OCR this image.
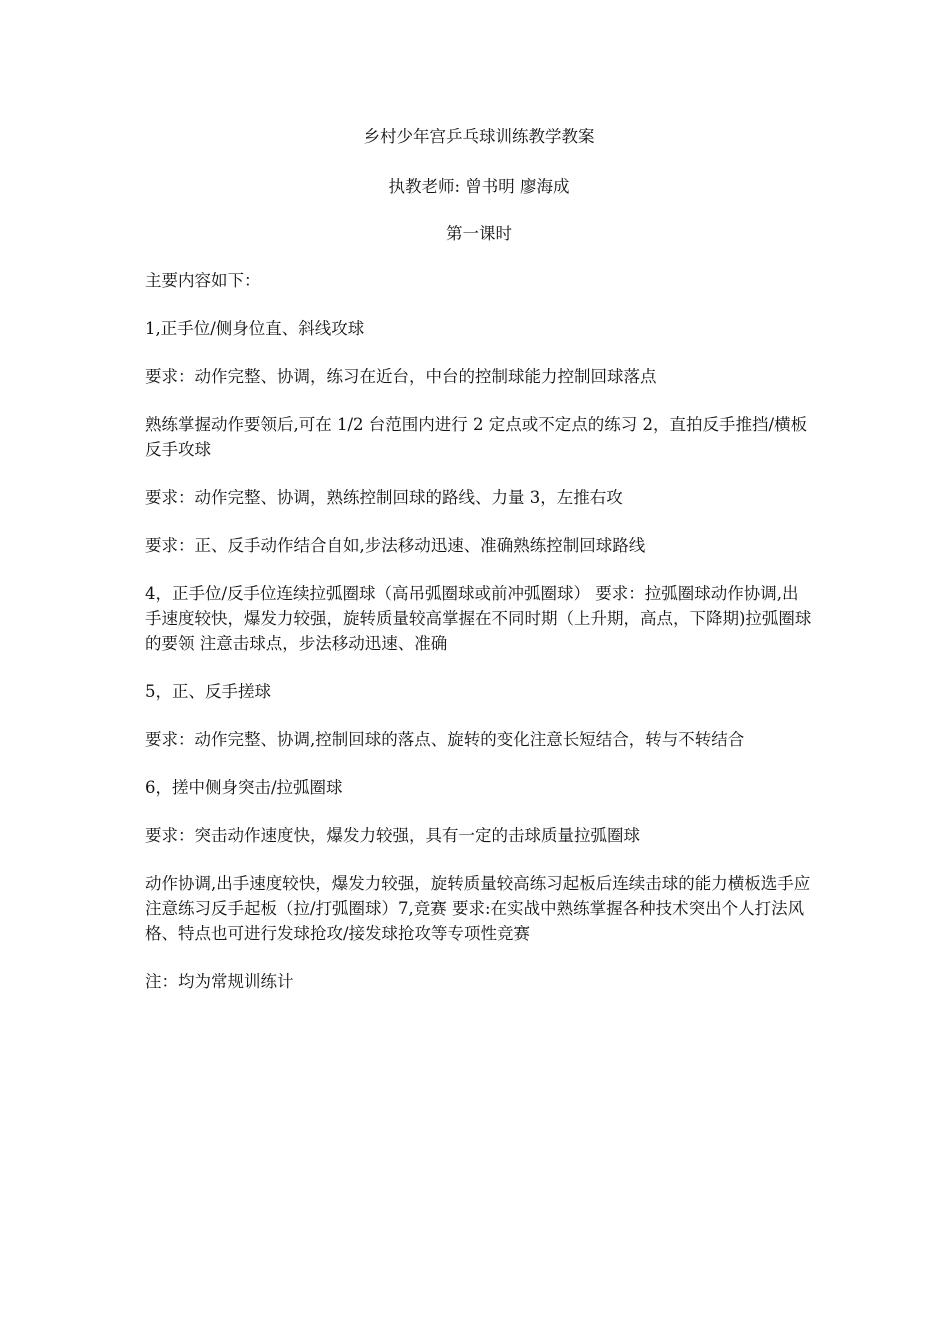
乡村少年宫乒乓球训练教学教案

执教老师: 曾书明 廖海成

第一课时

主要内容如下：

1,正手位/侧身位直、斜线攻球

要求：动作完整、协调，练习在近台，中台的控制球能力控制回球落点

熟练掌握动作要领后,可在 1/2 台范围内进行 2 定点或不定点的练习 2，直拍反手推挡/横板反手攻球

要求：动作完整、协调，熟练控制回球的路线、力量 3，左推右攻

要求：正、反手动作结合自如,步法移动迅速、准确熟练控制回球路线

4，正手位/反手位连续拉弧圈球（高吊弧圈球或前冲弧圈球） 要求：拉弧圈球动作协调,出手速度较快，爆发力较强，旋转质量较高掌握在不同时期（上升期，高点，下降期)拉弧圈球的要领 注意击球点，步法移动迅速、准确

5，正、反手搓球

要求：动作完整、协调,控制回球的落点、旋转的变化注意长短结合，转与不转结合

6，搓中侧身突击/拉弧圈球

要求：突击动作速度快，爆发力较强，具有一定的击球质量拉弧圈球

动作协调,出手速度较快，爆发力较强，旋转质量较高练习起板后连续击球的能力横板选手应注意练习反手起板（拉/打弧圈球）7,竞赛 要求:在实战中熟练掌握各种技术突出个人打法风格、特点也可进行发球抢攻/接发球抢攻等专项性竞赛

注：均为常规训练计
